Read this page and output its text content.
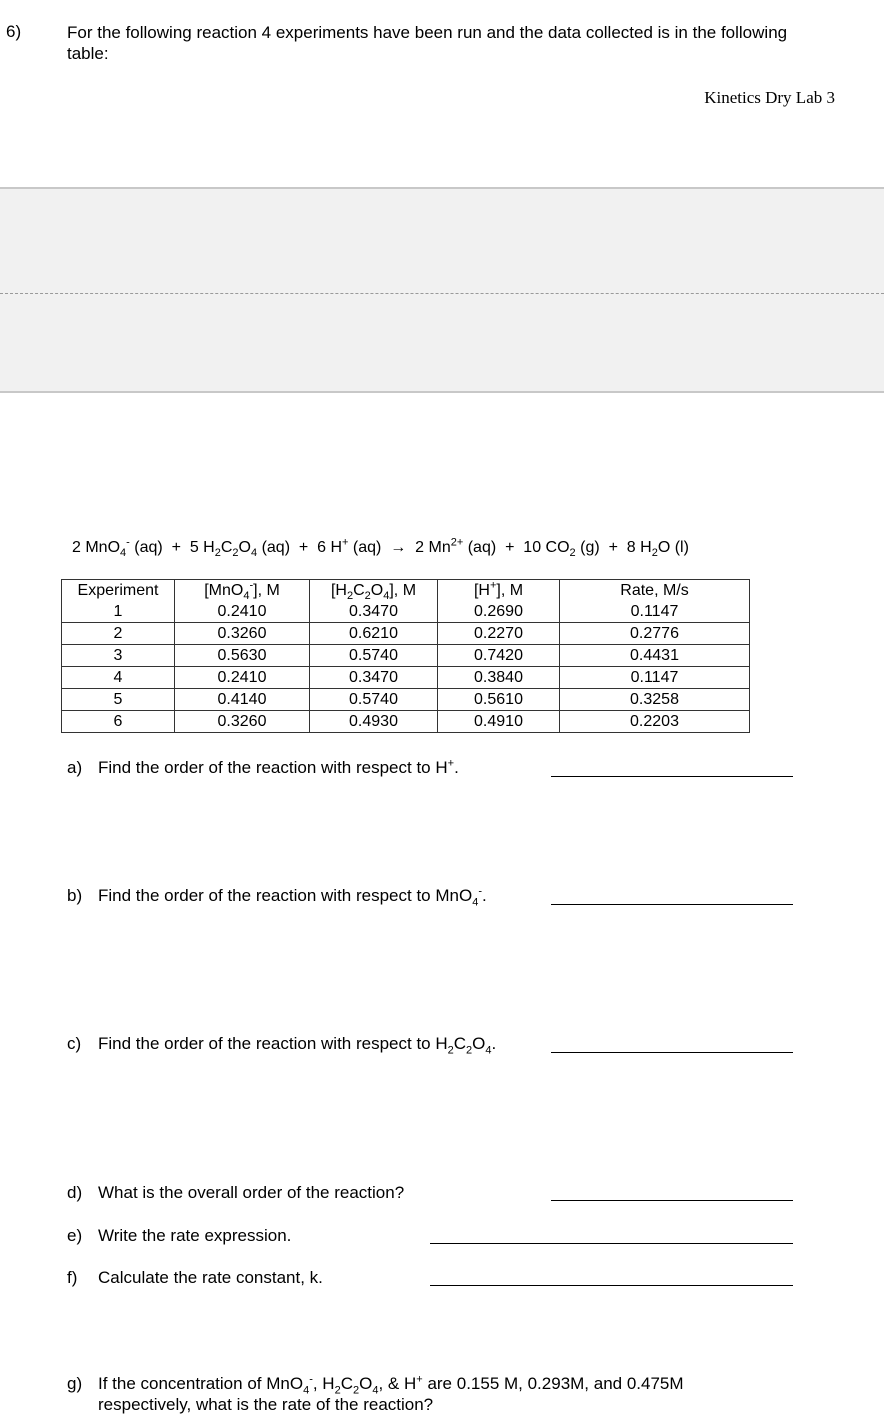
6)	For the following reaction 4 experiments have been run and the data collected is in the following table:
Kinetics Dry Lab 3
2 MnO$_4$- (aq)  +  5 $H_2C_2O_4$ (aq)  +  6 H+ (aq)  →  2 $Mn^{2+}$ (aq)  +  10 $CO_2$ (g)  +  8 $H_2O$ (l)
Experiment	[MnO$_4$-], M	$[H_2C_2O_4]$, M	[H+], M	Rate, M/s
1	0.2410	0.3470	0.2690	0.1147
2	0.3260	0.6210	0.2270	0.2776
3	0.5630	0.5740	0.7420	0.4431
4	0.2410	0.3470	0.3840	0.1147
5	0.4140	0.5740	0.5610	0.3258
6	0.3260	0.4930	0.4910	0.2203
a) Find the order of the reaction with respect to H+.
b) Find the order of the reaction with respect to MnO$_4$-.
c) Find the order of the reaction with respect to $H_2C_2O_4$.
d) What is the overall order of the reaction?
e) Write the rate expression.
f) Calculate the rate constant, k.
g) If the concentration of MnO$_4$-, $H_2C_2O_4$, & H+ are 0.155 M, 0.293M, and 0.475M
respectively, what is the rate of the reaction?
